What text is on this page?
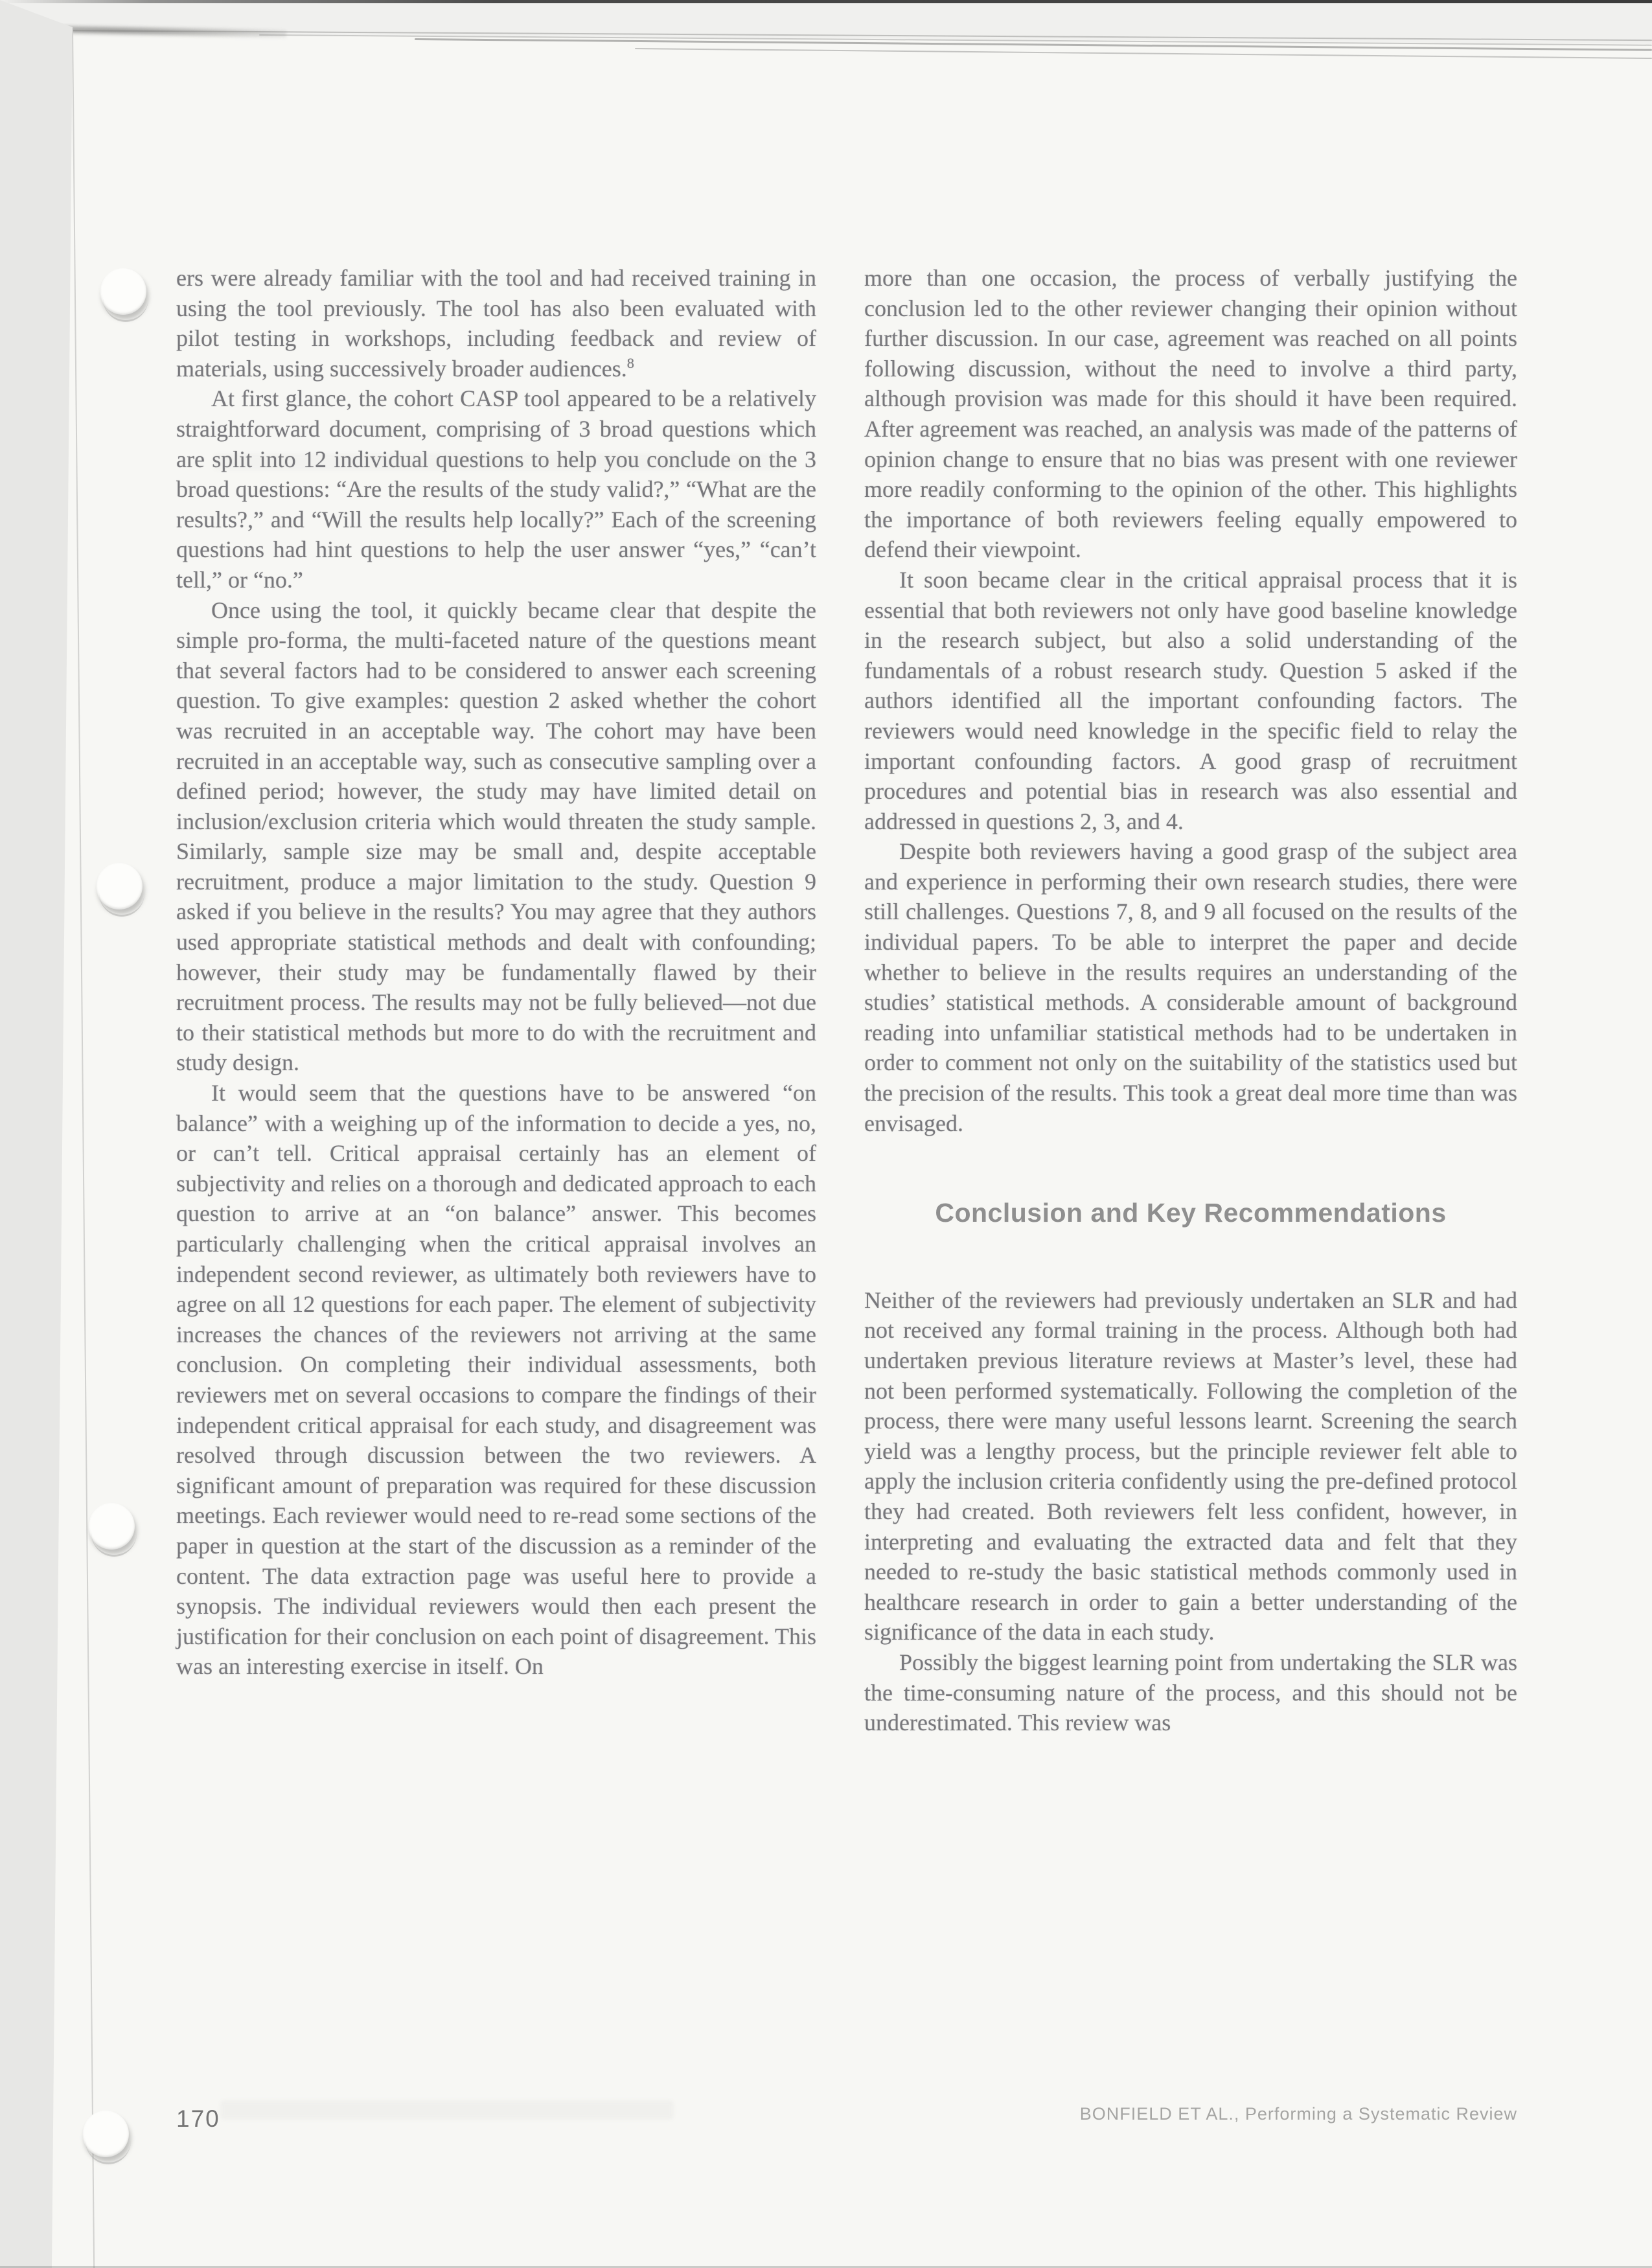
ers were already familiar with the tool and had received training in using the tool previously. The tool has also been evaluated with pilot testing in workshops, including feedback and review of materials, using successively broader audiences.$^8$

At first glance, the cohort CASP tool appeared to be a relatively straightforward document, comprising of 3 broad questions which are split into 12 individual questions to help you conclude on the 3 broad questions: “Are the results of the study valid?,” “What are the results?,” and “Will the results help locally?” Each of the screening questions had hint questions to help the user answer “yes,” “can’t tell,” or “no.”

Once using the tool, it quickly became clear that despite the simple pro-forma, the multi-faceted nature of the questions meant that several factors had to be considered to answer each screening question. To give examples: question 2 asked whether the cohort was recruited in an acceptable way. The cohort may have been recruited in an acceptable way, such as consecutive sampling over a defined period; however, the study may have limited detail on inclusion/exclusion criteria which would threaten the study sample. Similarly, sample size may be small and, despite acceptable recruitment, produce a major limitation to the study. Question 9 asked if you believe in the results? You may agree that they authors used appropriate statistical methods and dealt with confounding; however, their study may be fundamentally flawed by their recruitment process. The results may not be fully believed—not due to their statistical methods but more to do with the recruitment and study design.

It would seem that the questions have to be answered “on balance” with a weighing up of the information to decide a yes, no, or can’t tell. Critical appraisal certainly has an element of subjectivity and relies on a thorough and dedicated approach to each question to arrive at an “on balance” answer. This becomes particularly challenging when the critical appraisal involves an independent second reviewer, as ultimately both reviewers have to agree on all 12 questions for each paper. The element of subjectivity increases the chances of the reviewers not arriving at the same conclusion. On completing their individual assessments, both reviewers met on several occasions to compare the findings of their independent critical appraisal for each study, and disagreement was resolved through discussion between the two reviewers. A significant amount of preparation was required for these discussion meetings. Each reviewer would need to re-read some sections of the paper in question at the start of the discussion as a reminder of the content. The data extraction page was useful here to provide a synopsis. The individual reviewers would then each present the justification for their conclusion on each point of disagreement. This was an interesting exercise in itself. On

more than one occasion, the process of verbally justifying the conclusion led to the other reviewer changing their opinion without further discussion. In our case, agreement was reached on all points following discussion, without the need to involve a third party, although provision was made for this should it have been required. After agreement was reached, an analysis was made of the patterns of opinion change to ensure that no bias was present with one reviewer more readily conforming to the opinion of the other. This highlights the importance of both reviewers feeling equally empowered to defend their viewpoint.

It soon became clear in the critical appraisal process that it is essential that both reviewers not only have good baseline knowledge in the research subject, but also a solid understanding of the fundamentals of a robust research study. Question 5 asked if the authors identified all the important confounding factors. The reviewers would need knowledge in the specific field to relay the important confounding factors. A good grasp of recruitment procedures and potential bias in research was also essential and addressed in questions 2, 3, and 4.

Despite both reviewers having a good grasp of the subject area and experience in performing their own research studies, there were still challenges. Questions 7, 8, and 9 all focused on the results of the individual papers. To be able to interpret the paper and decide whether to believe in the results requires an understanding of the studies’ statistical methods. A considerable amount of background reading into unfamiliar statistical methods had to be undertaken in order to comment not only on the suitability of the statistics used but the precision of the results. This took a great deal more time than was envisaged.

Conclusion and Key Recommendations

Neither of the reviewers had previously undertaken an SLR and had not received any formal training in the process. Although both had undertaken previous literature reviews at Master’s level, these had not been performed systematically. Following the completion of the process, there were many useful lessons learnt. Screening the search yield was a lengthy process, but the principle reviewer felt able to apply the inclusion criteria confidently using the pre-defined protocol they had created. Both reviewers felt less confident, however, in interpreting and evaluating the extracted data and felt that they needed to re-study the basic statistical methods commonly used in healthcare research in order to gain a better understanding of the significance of the data in each study.

Possibly the biggest learning point from undertaking the SLR was the time-consuming nature of the process, and this should not be underestimated. This review was

170	BONFIELD ET AL., Performing a Systematic Review
